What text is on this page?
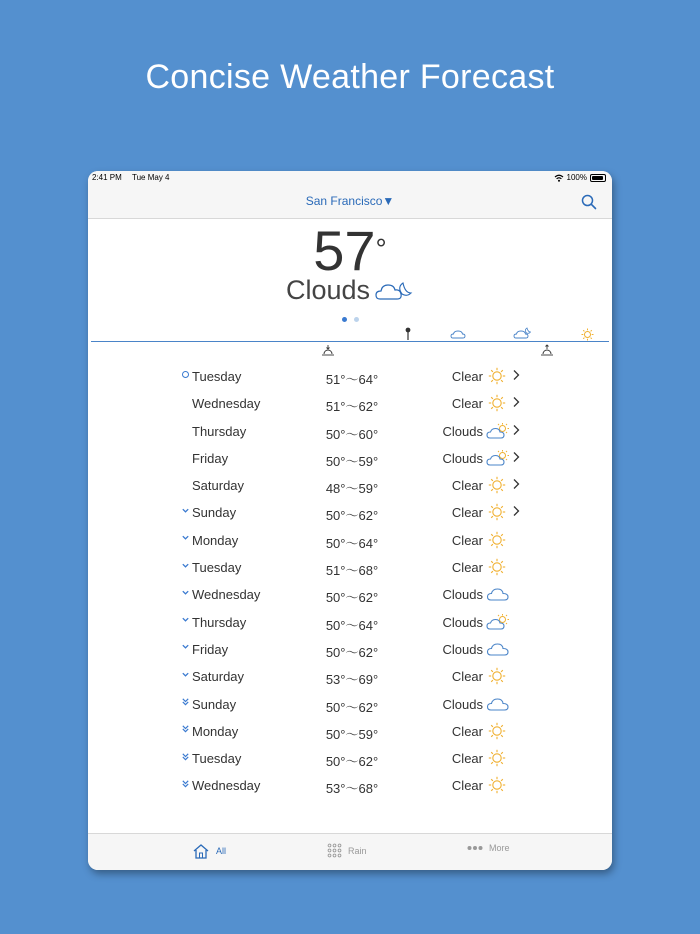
Concise Weather Forecast
2:41 PM Tue May 4	100%
San Francisco▼
57°
Clouds
Tuesday	51°～64°	Clear
Wednesday	51°～62°	Clear
Thursday	50°～60°	Clouds
Friday	50°～59°	Clouds
Saturday	48°～59°	Clear
Sunday	50°～62°	Clear
Monday	50°～64°	Clear
Tuesday	51°～68°	Clear
Wednesday	50°～62°	Clouds
Thursday	50°～64°	Clouds
Friday	50°～62°	Clouds
Saturday	53°～69°	Clear
Sunday	50°～62°	Clouds
Monday	50°～59°	Clear
Tuesday	50°～62°	Clear
Wednesday	53°～68°	Clear
All	Rain	More
